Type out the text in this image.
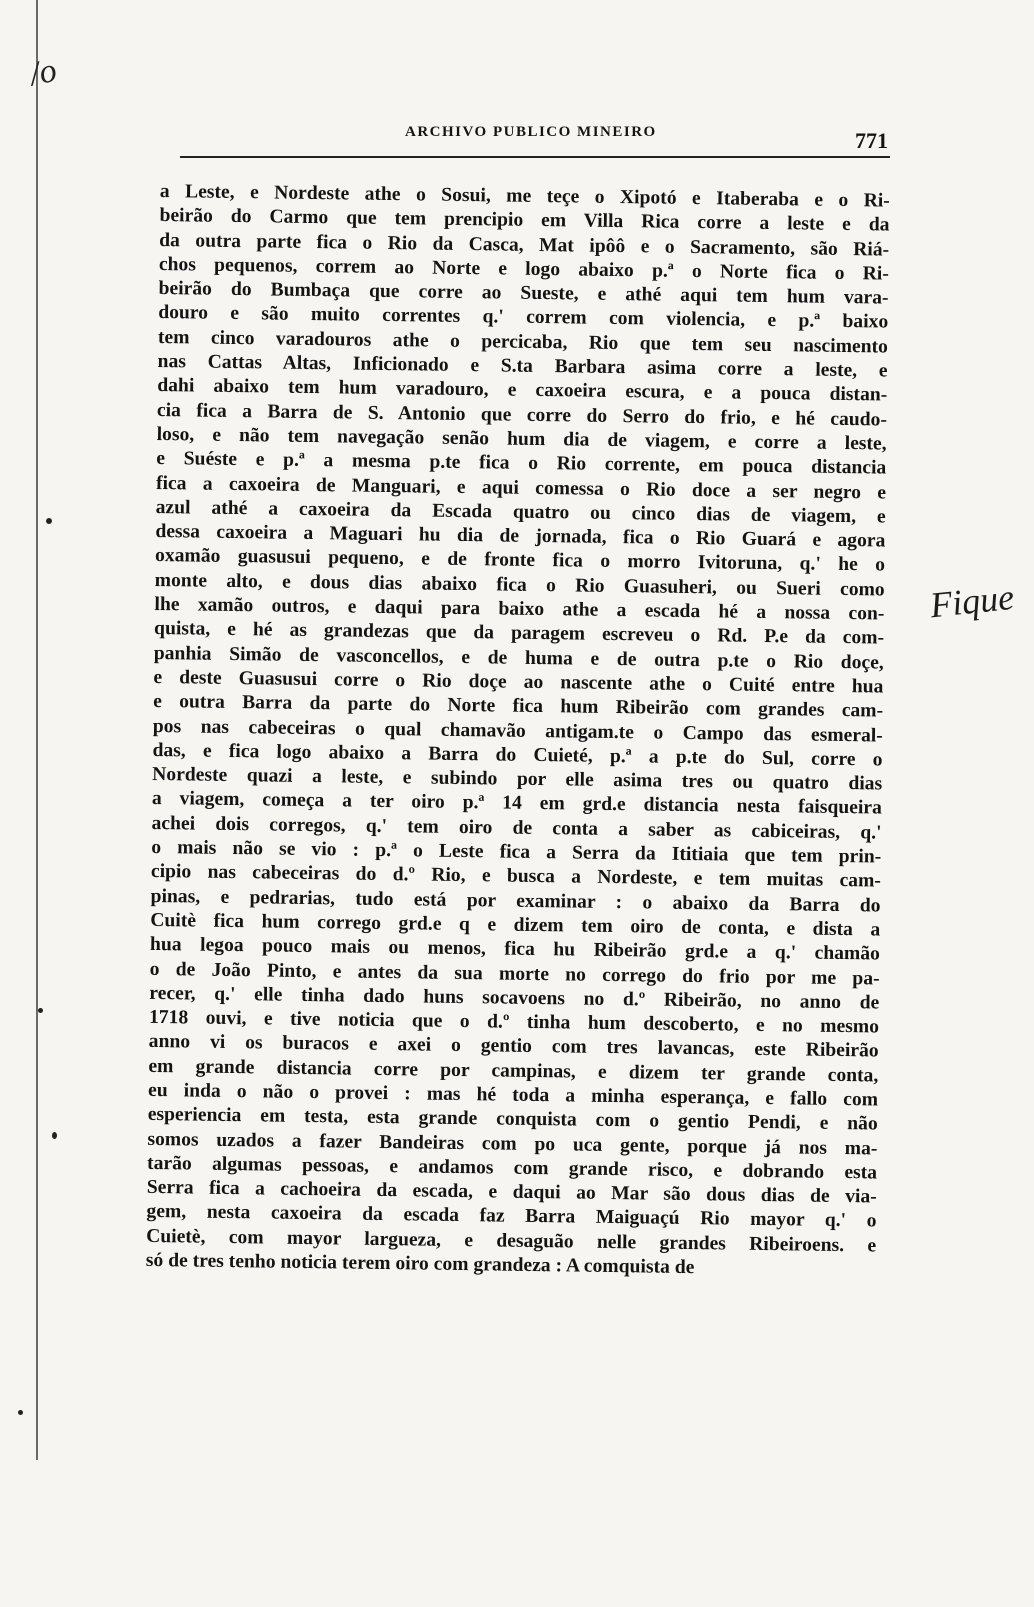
/o
ARCHIVO PUBLICO MINEIRO	771
a Leste, e Nordeste athe o Sosui, me teçe o Xipotó e Itaberaba e o Ri-
beirão do Carmo que tem prencipio em Villa Rica corre a leste e da
da outra parte fica o Rio da Casca, Mat ipôô e o Sacramento, são Riá-
chos pequenos, correm ao Norte e logo abaixo p.ª o Norte fica o Ri-
beirão do Bumbaça que corre ao Sueste, e athé aqui tem hum vara-
douro e são muito correntes q.' correm com violencia, e p.ª baixo
tem cinco varadouros athe o percicaba, Rio que tem seu nascimento
nas Cattas Altas, Inficionado e S.ta Barbara asima corre a leste, e
dahi abaixo tem hum varadouro, e caxoeira escura, e a pouca distan-
cia fica a Barra de S. Antonio que corre do Serro do frio, e hé caudo-
loso, e não tem navegação senão hum dia de viagem, e corre a leste,
e Suéste e p.ª a mesma p.te fica o Rio corrente, em pouca distancia
fica a caxoeira de Manguari, e aqui comessa o Rio doce a ser negro e
azul athé a caxoeira da Escada quatro ou cinco dias de viagem, e
dessa caxoeira a Maguari hu dia de jornada, fica o Rio Guará e agora
oxamão guasusui pequeno, e de fronte fica o morro Ivitoruna, q.' he o
monte alto, e dous dias abaixo fica o Rio Guasuheri, ou Sueri como
lhe xamão outros, e daqui para baixo athe a escada hé a nossa con-
quista, e hé as grandezas que da paragem escreveu o Rd. P.e da com-
panhia Simão de vasconcellos, e de huma e de outra p.te o Rio doçe,
e deste Guasusui corre o Rio doçe ao nascente athe o Cuité entre hua
e outra Barra da parte do Norte fica hum Ribeirão com grandes cam-
pos nas cabeceiras o qual chamavão antigam.te o Campo das esmeral-
das, e fica logo abaixo a Barra do Cuieté, p.ª a p.te do Sul, corre o
Nordeste quazi a leste, e subindo por elle asima tres ou quatro dias
a viagem, começa a ter oiro p.ª 14 em grd.e distancia nesta faisqueira
achei dois corregos, q.' tem oiro de conta a saber as cabiceiras, q.'
o mais não se vio : p.ª o Leste fica a Serra da Ititiaia que tem prin-
cipio nas cabeceiras do d.º Rio, e busca a Nordeste, e tem muitas cam-
pinas, e pedrarias, tudo está por examinar : o abaixo da Barra do
Cuitè fica hum corrego grd.e q e dizem tem oiro de conta, e dista a
hua legoa pouco mais ou menos, fica hu Ribeirão grd.e a q.' chamão
o de João Pinto, e antes da sua morte no corrego do frio por me pa-
recer, q.' elle tinha dado huns socavoens no d.º Ribeirão, no anno de
1718 ouvi, e tive noticia que o d.º tinha hum descoberto, e no mesmo
anno vi os buracos e axei o gentio com tres lavancas, este Ribeirão
em grande distancia corre por campinas, e dizem ter grande conta,
eu inda o não o provei : mas hé toda a minha esperança, e fallo com
esperiencia em testa, esta grande conquista com o gentio Pendi, e não
somos uzados a fazer Bandeiras com po uca gente, porque já nos ma-
tarão algumas pessoas, e andamos com grande risco, e dobrando esta
Serra fica a cachoeira da escada, e daqui ao Mar são dous dias de via-
gem, nesta caxoeira da escada faz Barra Maiguaçú Rio mayor q.' o
Cuietè, com mayor largueza, e desaguão nelle grandes Ribeiroens. e
só de tres tenho noticia terem oiro com grandeza : A comquista de
Fique
